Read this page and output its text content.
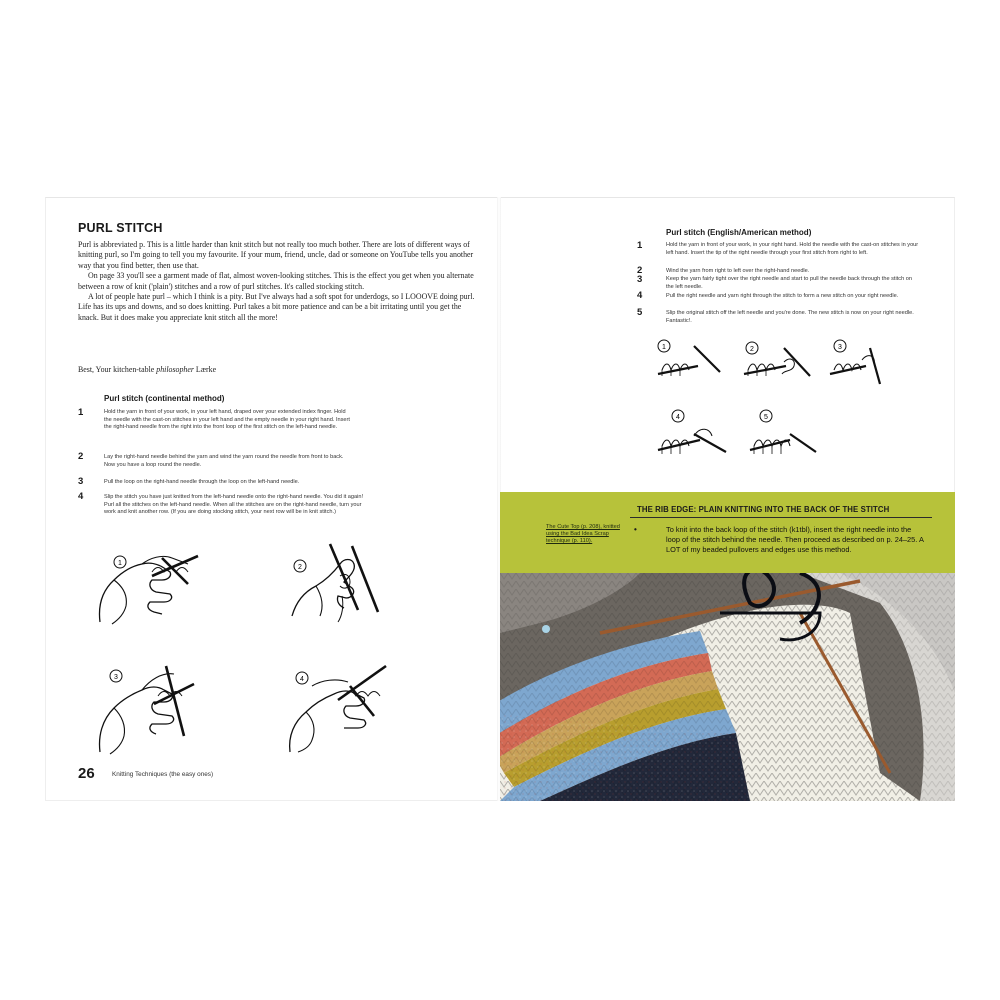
PURL STITCH

Purl is abbreviated p. This is a little harder than knit stitch but not really too much bother. There are lots of different ways of knitting purl, so I'm going to tell you my favourite. If your mum, friend, uncle, dad or someone on YouTube tells you another way that you find better, then use that.

On page 33 you'll see a garment made of flat, almost woven-looking stitches. This is the effect you get when you alternate between a row of knit ('plain') stitches and a row of purl stitches. It's called stocking stitch.

A lot of people hate purl – which I think is a pity. But I've always had a soft spot for underdogs, so I LOOOVE doing purl. Life has its ups and downs, and so does knitting. Purl takes a bit more patience and can be a bit irritating until you get the knack. But it does make you appreciate knit stitch all the more!

Best, Your kitchen-table philosopher Lærke
Purl stitch (continental method)
1	Hold the yarn in front of your work, in your left hand, draped over your extended index finger. Hold the needle with the cast-on stitches in your left hand and the empty needle in your right hand. Insert the right-hand needle from the right into the front loop of the first stitch on the left-hand needle.
2	Lay the right-hand needle behind the yarn and wind the yarn round the needle from front to back. Now you have a loop round the needle.
3	Pull the loop on the right-hand needle through the loop on the left-hand needle.
4	Slip the stitch you have just knitted from the left-hand needle onto the right-hand needle. You did it again! Purl all the stitches on the left-hand needle. When all the stitches are on the right-hand needle, turn your work and knit another row. (If you are doing stocking stitch, your next row will be in knit stitch.)
1
2
3	4
26	Knitting Techniques (the easy ones)
Purl stitch (English/American method)
1	Hold the yarn in front of your work, in your right hand. Hold the needle with the cast-on stitches in your left hand. Insert the tip of the right needle through your first stitch from right to left.
2	Wind the yarn from right to left over the right-hand needle.
3	Keep the yarn fairly tight over the right needle and start to pull the needle back through the stitch on the left needle.
4	Pull the right needle and yarn right through the stitch to form a new stitch on your right needle.
5	Slip the original stitch off the left needle and you're done. The new stitch is now on your right needle. Fantastic!.
1	2	3
4	5
THE RIB EDGE: PLAIN KNITTING INTO THE BACK OF THE STITCH
The Cute Top (p. 208), knitted using the Bad Idea Scrap technique (p. 110).
•	To knit into the back loop of the stitch (k1tbl), insert the right needle into the loop of the stitch behind the needle. Then proceed as described on p. 24–25. A LOT of my beaded pullovers and edges use this method.
